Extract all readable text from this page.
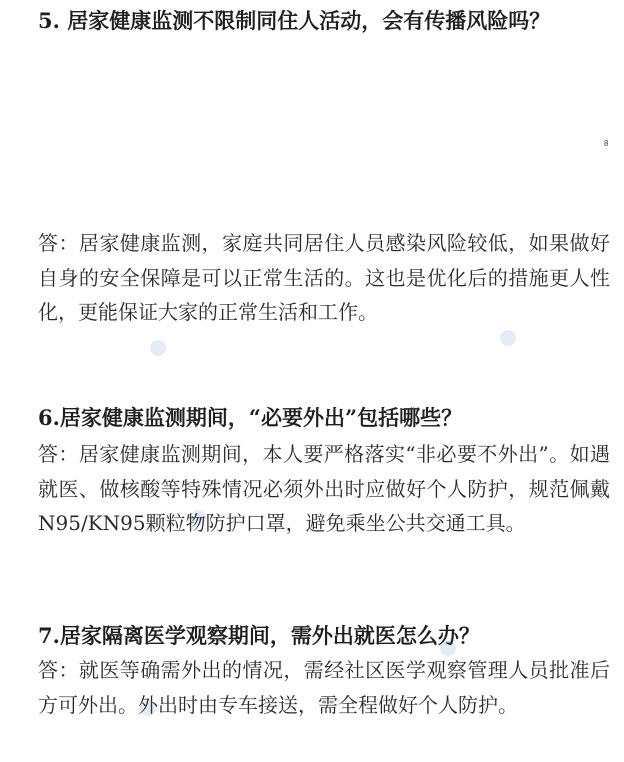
5. 居家健康监测不限制同住人活动，会有传播风险吗？
8

答：居家健康监测，家庭共同居住人员感染风险较低，如果做好自身的安全保障是可以正常生活的。这也是优化后的措施更人性化，更能保证大家的正常生活和工作。

6.居家健康监测期间，“必要外出”包括哪些？

答：居家健康监测期间，本人要严格落实“非必要不外出”。如遇就医、做核酸等特殊情况必须外出时应做好个人防护，规范佩戴N95/KN95颗粒物防护口罩，避免乘坐公共交通工具。

7.居家隔离医学观察期间，需外出就医怎么办？

答：就医等确需外出的情况，需经社区医学观察管理人员批准后方可外出。外出时由专车接送，需全程做好个人防护。
